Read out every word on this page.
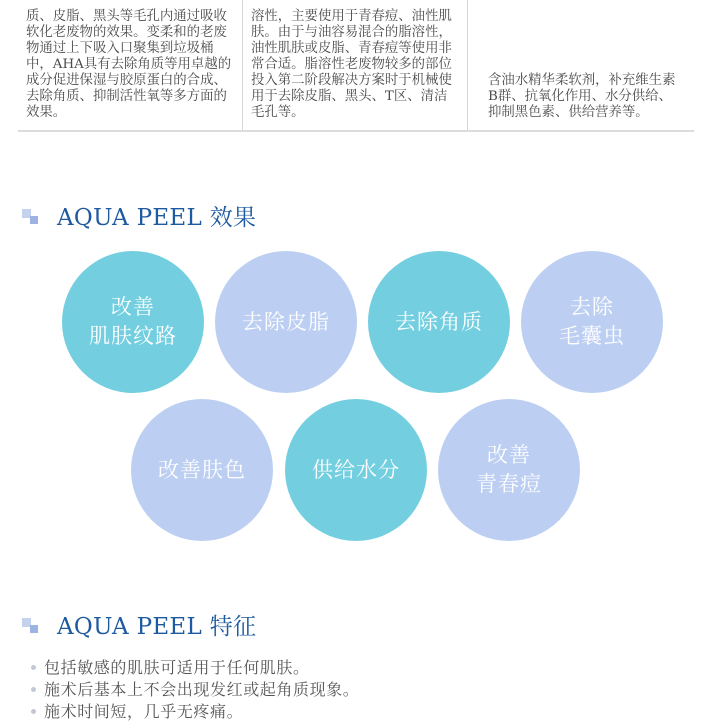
质、皮脂、黑头等毛孔内通过吸收软化老废物的效果。变柔和的老废物通过上下吸入口聚集到垃圾桶中，AHA具有去除角质等用卓越的成分促进保湿与胶原蛋白的合成、去除角质、抑制活性氧等多方面的效果。

溶性，主要使用于青春痘、油性肌肤。由于与油容易混合的脂溶性，油性肌肤或皮脂、青春痘等使用非常合适。脂溶性老废物较多的部位投入第二阶段解决方案时于机械使用于去除皮脂、黑头、T区、清洁毛孔等。

含油水精华柔软剂，补充维生素B群、抗氧化作用、水分供给、抑制黑色素、供给营养等。

AQUA PEEL 效果
改善
肌肤纹路
去除皮脂	去除角质
去除
毛囊虫
改善肤色	供给水分
改善
青春痘
AQUA PEEL 特征
包括敏感的肌肤可适用于任何肌肤。
施术后基本上不会出现发红或起角质现象。
施术时间短，几乎无疼痛。
